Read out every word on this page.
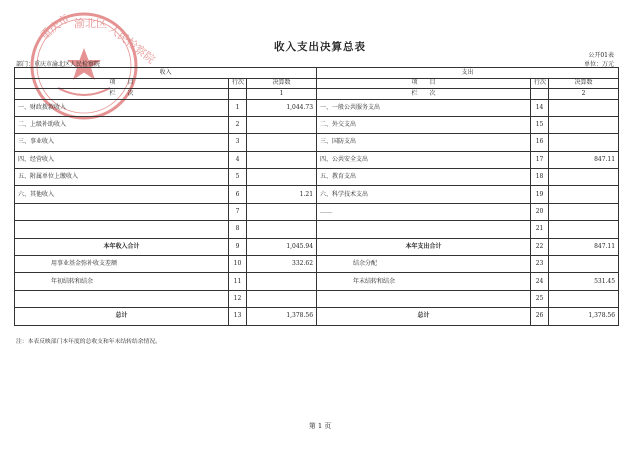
重庆市 渝北区 人民检察院	收入支出决算总表
公开01表
部门：重庆市渝北区人民检察院	单位：万元
收入			支出		
项　　目	行次	决算数	项　　目	行次	决算数
栏　　次		1	栏　　次		2
一、财政拨款收入	1	1,044.73	一、一般公共服务支出	14	
二、上级补助收入	2		二、外交支出	15	
三、事业收入	3		三、国防支出	16	
四、经营收入	4		四、公共安全支出	17	847.11
五、附属单位上缴收入	5		五、教育支出	18	
六、其他收入	6	1.21	六、科学技术支出	19	
	7		……	20	
	8			21	
本年收入合计	9	1,045.94	本年支出合计	22	847.11
用事业基金弥补收支差额	10	332.62	结余分配	23	
年初结转和结余	11		年末结转和结余	24	531.45
	12			25	
总计	13	1,378.56	总计	26	1,378.56
注：本表反映部门本年度的总收支和年末结转结余情况。
第 1 页
